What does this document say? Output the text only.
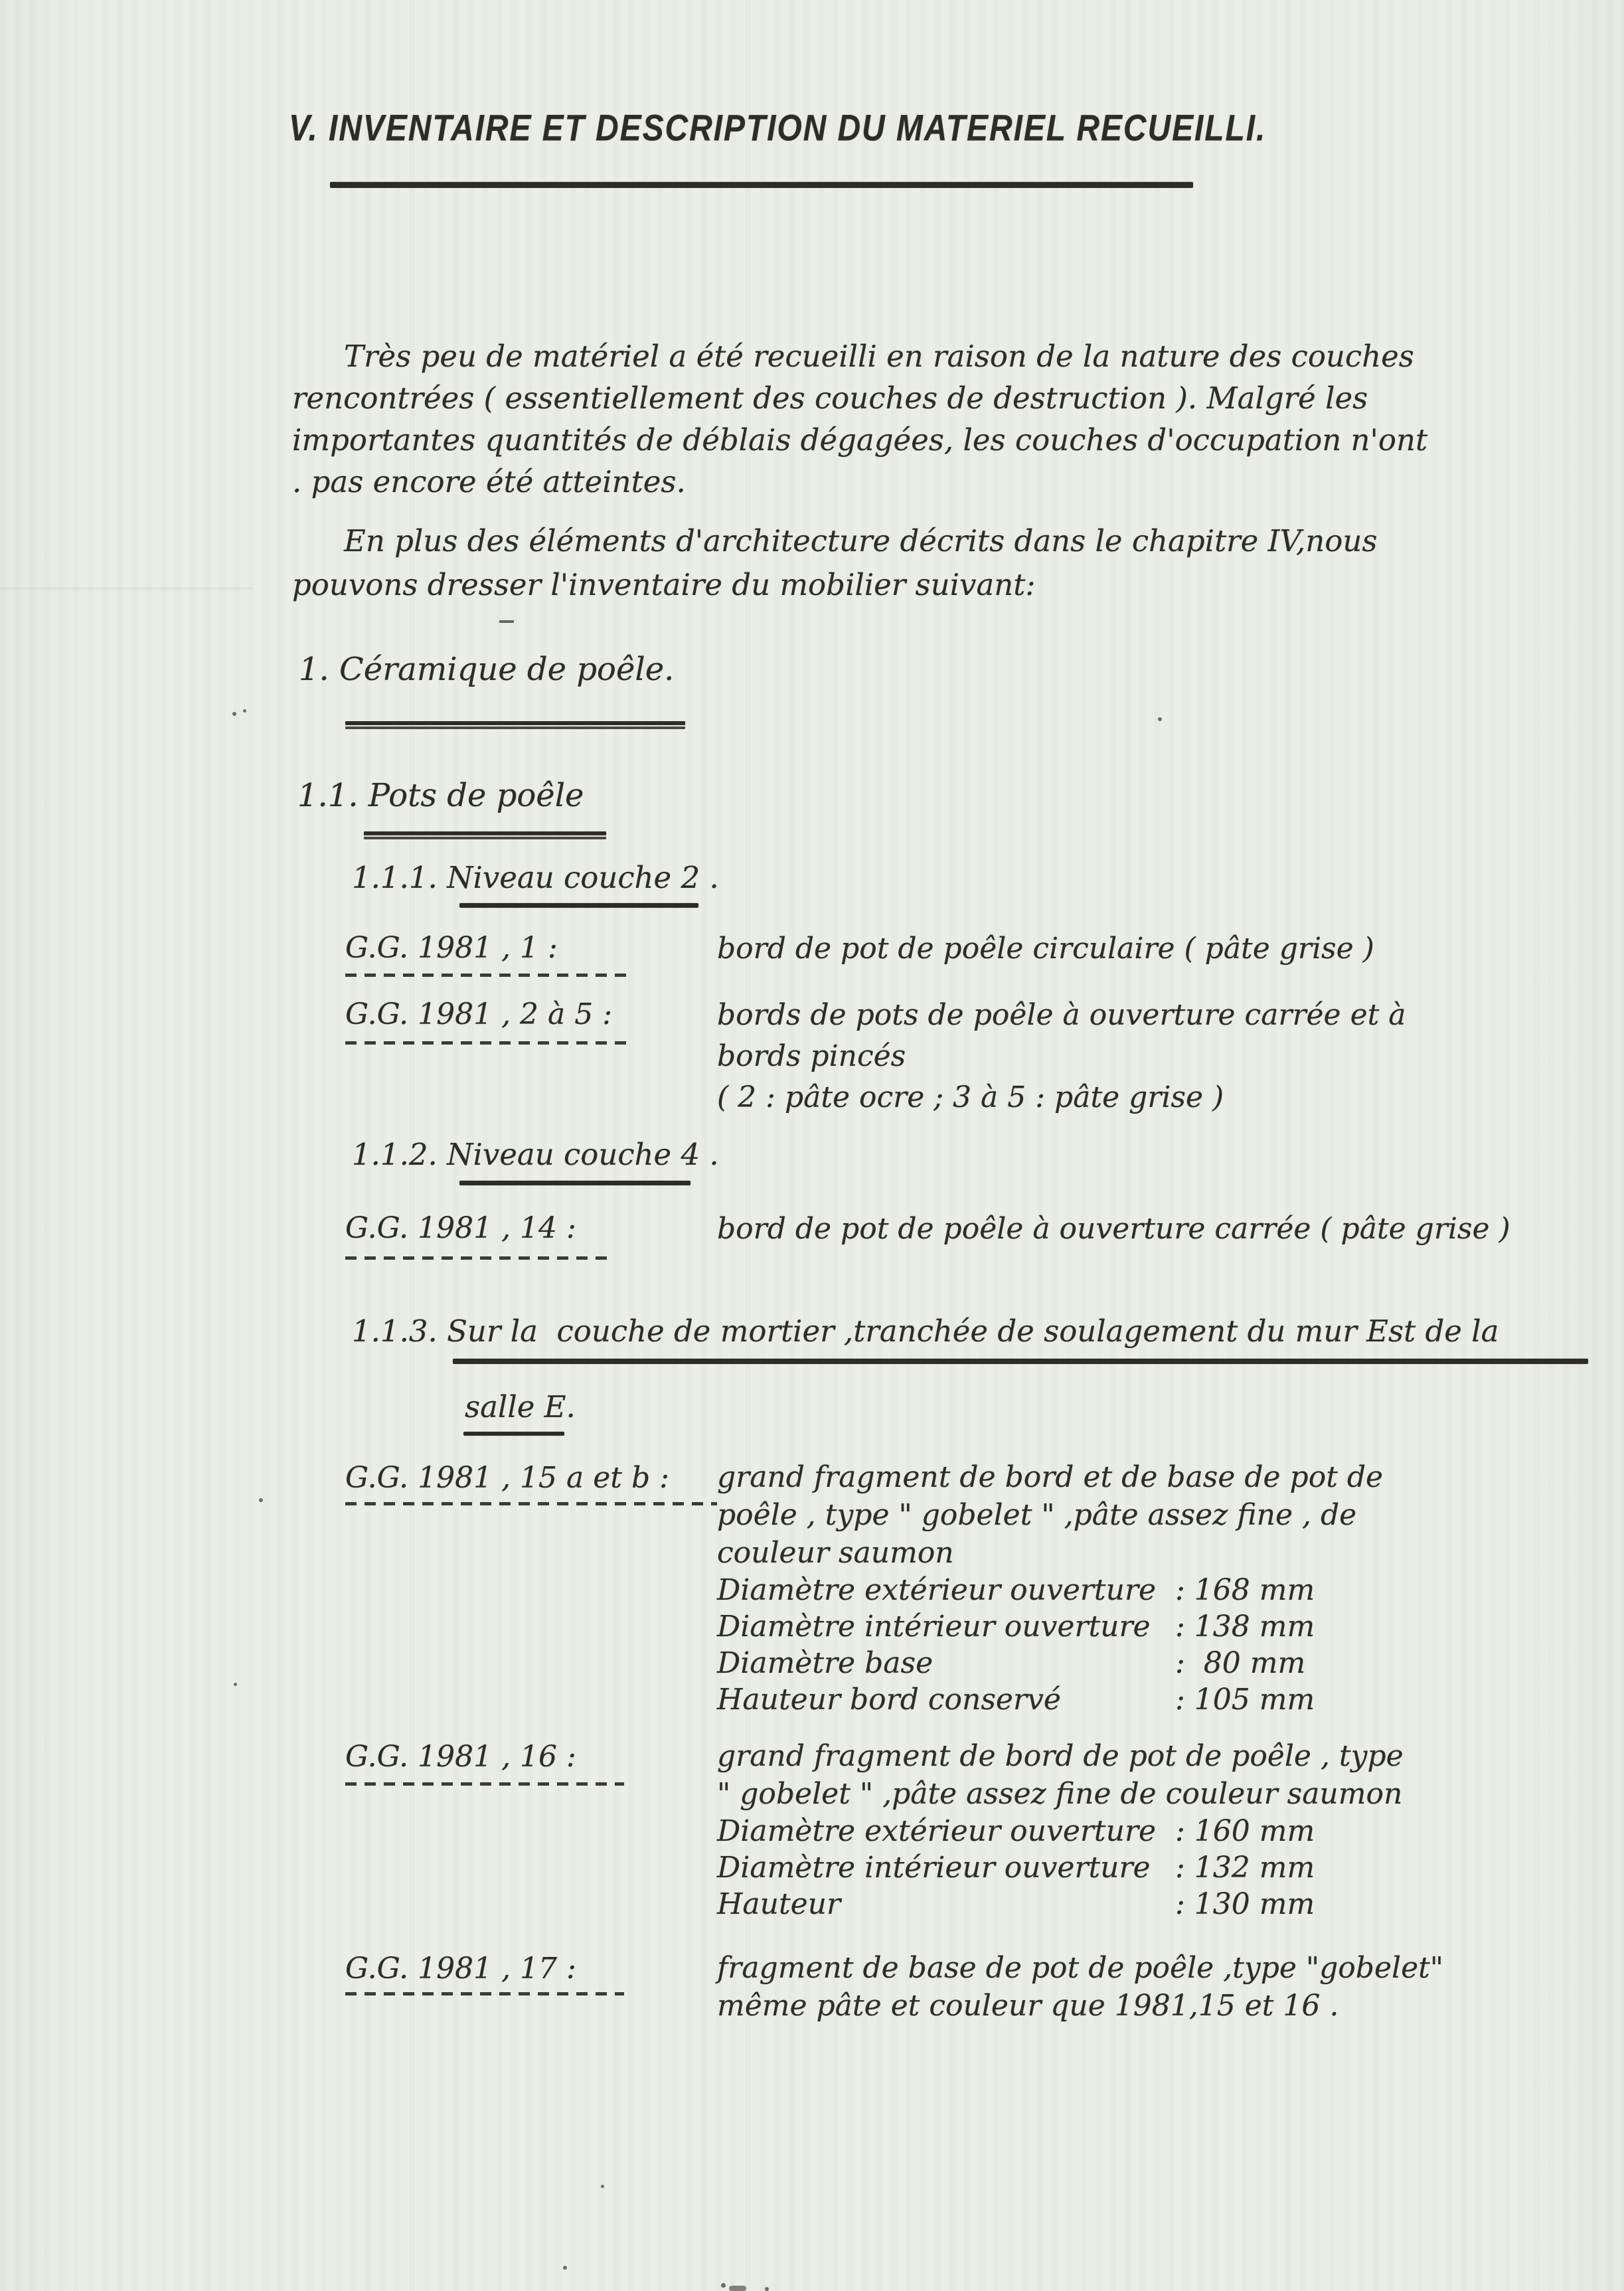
V. INVENTAIRE ET DESCRIPTION DU MATERIEL RECUEILLI.
Très peu de matériel a été recueilli en raison de la nature des couches
rencontrées ( essentiellement des couches de destruction ). Malgré les
importantes quantités de déblais dégagées, les couches d'occupation n'ont
. pas encore été atteintes.
En plus des éléments d'architecture décrits dans le chapitre IV,nous
pouvons dresser l'inventaire du mobilier suivant:
1. Céramique de poêle.
1.1. Pots de poêle
1.1.1. Niveau couche 2 .
G.G. 1981 , 1 :	bord de pot de poêle circulaire ( pâte grise )
G.G. 1981 , 2 à 5 :	bords de pots de poêle à ouverture carrée et à
bords pincés
( 2 : pâte ocre ; 3 à 5 : pâte grise )
1.1.2. Niveau couche 4 .
G.G. 1981 , 14 :	bord de pot de poêle à ouverture carrée ( pâte grise )
1.1.3. Sur la  couche de mortier ,tranchée de soulagement du mur Est de la
salle E.
G.G. 1981 , 15 a et b :	grand fragment de bord et de base de pot de
poêle , type " gobelet " ,pâte assez fine , de
couleur saumon
Diamètre extérieur ouverture : 168 mm
Diamètre intérieur ouverture : 138 mm
Diamètre base	:  80 mm
Hauteur bord conservé	: 105 mm
G.G. 1981 , 16 :	grand fragment de bord de pot de poêle , type
" gobelet " ,pâte assez fine de couleur saumon
Diamètre extérieur ouverture : 160 mm
Diamètre intérieur ouverture : 132 mm
Hauteur	: 130 mm
G.G. 1981 , 17 :	fragment de base de pot de poêle ,type "gobelet"
même pâte et couleur que 1981,15 et 16 .
